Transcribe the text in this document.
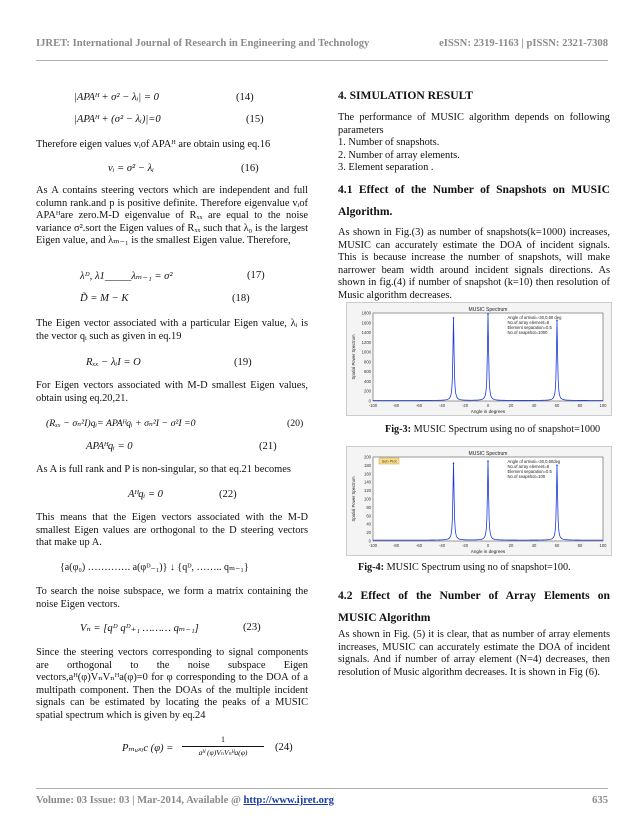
IJRET: International Journal of Research in Engineering and Technology	eISSN: 2319-1163 | pISSN: 2321-7308
|APAᴴ + σ² − λᵢ| = 0	(14)
|APAᴴ + (σ² − λᵢ)|=0	(15)

Therefore eigen values vᵢof APAᴴ are obtain using eq.16

vᵢ = σ² − λᵢ	(16)

As A contains steering vectors which are independent and full column rank.and p is positive definite. Therefore eigenvalue vᵢof APAᴴare zero.M-D eigenvalue of Rₓₓ are equal to the noise variance σ².sort the Eigen values of Rₓₓ such that λ₀ is the largest Eigen value, and λₘ₋₁ is the smallest Eigen value. Therefore,

λᴰ, λ1_____λₘ₋₁ = σ²	(17)
D̃ = M − K	(18)

The Eigen vector associated with a particular Eigen value, λᵢ is the vector qᵢ such as given in eq.19

Rₓₓ − λᵢI = O	(19)

For Eigen vectors associated with M-D smallest Eigen values, obtain using eq.20,21.

(Rₓₓ − σₙ²I)qᵢ= APAᴴqᵢ + σₙ²I − σ²I =0	(20)
APAᴴqᵢ = 0	(21)

As A is full rank and P is non-singular, so that eq.21 becomes

Aᴴqᵢ = 0	(22)

This means that the Eigen vectors associated with the M-D smallest Eigen values are orthogonal to the D steering vectors that make up A.

{a(φ₀) …………. a(φᴰ₋₁)} ↓ {qᴰ, …….. qₘ₋₁}

To search the noise subspace, we form a matrix containing the noise Eigen vectors.

Vₙ = [qᴰ qᴰ₊₁ ……… qₘ₋₁]	(23)

Since the steering vectors corresponding to signal components are orthogonal to the noise subspace Eigen vectors,aᴴ(φ)VₙVₙᴴa(φ)=0 for φ corresponding to the DOA of a multipath component. Then the DOAs of the multiple incident signals can be estimated by locating the peaks of a MUSIC spatial spectrum which is given by eq.24

Pₘᵤₛᵢc (φ) =
1
aᴴ (φ)VₙVₙᴴa(φ)	(24)
4. SIMULATION RESULT

The performance of MUSIC algorithm depends on following parameters

1. Number of snapshots.

2. Number of array elements.

3. Element separation .

4.1 Effect of the Number of Snapshots on MUSIC Algorithm.

As shown in Fig.(3) as number of snapshots(k=1000) increases, MUSIC can accurately estimate the DOA of incident signals. This is because increase the number of snapshots, will make narrower beam width around incident signals directions. As shown in fig.(4) if number of snapshot (k=10) then resolution of Music algorithm decreases.

MUSIC Spectrum
-100	-80	-60	-40	-20	0	20	40	60	80	100
0
200
400
600
800
1000
1200
1400
1600
1800
Angle in degrees
Spatial Power Spectrum
Angle of arrival=-30,0,60 deg
No.of array element=8
Element separation=0.5
No.of snapshot=1000
Fig-3: MUSIC Spectrum using no of snapshot=1000
MUSIC Spectrum
-100	-80	-60	-40	-20	0	20	40	60	80	100
0
20
40
60
80
100
120
140
160
180
200
Angle in degrees
Spatial Power Spectrum
Angle of arrival=-30,0,60deg
No.of array element=8
Element separation=0.5
No.of snapshot=100
Sub Plot
Fig-4: MUSIC Spectrum using no of snapshot=100.
4.2 Effect of the Number of Array Elements on MUSIC Algorithm

As shown in Fig. (5) it is clear, that as number of array elements increases, MUSIC can accurately estimate the DOA of incident signals. And if number of array element (N=4) decreases, then resolution of Music algorithm decreases. It is shown in Fig (6).

Volume: 03 Issue: 03 | Mar-2014, Available @ http://www.ijret.org	635
